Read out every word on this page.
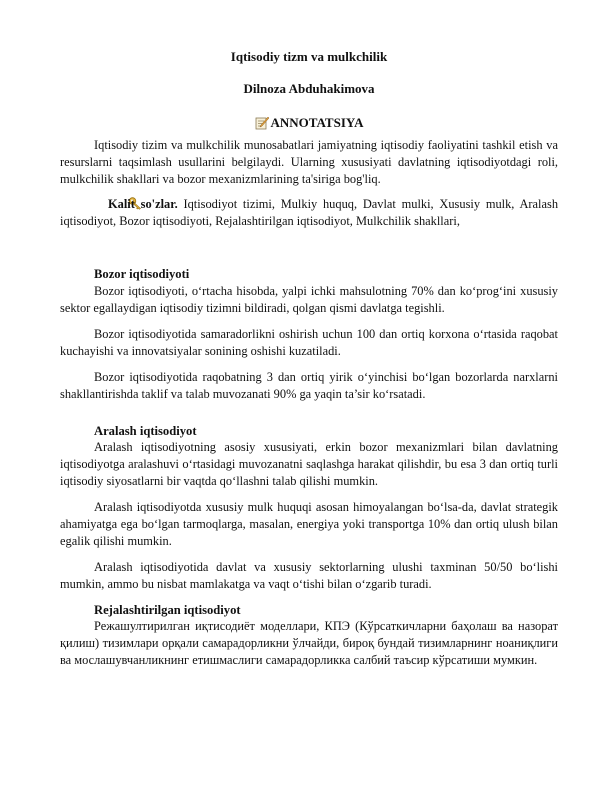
Iqtisodiy tizm va mulkchilik
Dilnoza Abduhakimova
ANNOTATSIYA

Iqtisodiy tizim va mulkchilik munosabatlari jamiyatning iqtisodiy faoliyatini tashkil etish va resurslarni taqsimlash usullarini belgilaydi. Ularning xususiyati davlatning iqtisodiyotdagi roli, mulkchilik shakllari va bozor mexanizmlarining ta'siriga bog'liq.

Kalit so'zlar. Iqtisodiyot tizimi, Mulkiy huquq, Davlat mulki, Xususiy mulk, Aralash iqtisodiyot, Bozor iqtisodiyoti, Rejalashtirilgan iqtisodiyot, Mulkchilik shakllari,

Bozor iqtisodiyoti

Bozor iqtisodiyoti, o‘rtacha hisobda, yalpi ichki mahsulotning 70% dan ko‘prog‘ini xususiy sektor egallaydigan iqtisodiy tizimni bildiradi, qolgan qismi davlatga tegishli.

Bozor iqtisodiyotida samaradorlikni oshirish uchun 100 dan ortiq korxona o‘rtasida raqobat kuchayishi va innovatsiyalar sonining oshishi kuzatiladi.

Bozor iqtisodiyotida raqobatning 3 dan ortiq yirik o‘yinchisi bo‘lgan bozorlarda narxlarni shakllantirishda taklif va talab muvozanati 90% ga yaqin ta’sir ko‘rsatadi.

Aralash iqtisodiyot

Aralash iqtisodiyotning asosiy xususiyati, erkin bozor mexanizmlari bilan davlatning iqtisodiyotga aralashuvi o‘rtasidagi muvozanatni saqlashga harakat qilishdir, bu esa 3 dan ortiq turli iqtisodiy siyosatlarni bir vaqtda qo‘llashni talab qilishi mumkin.

Aralash iqtisodiyotda xususiy mulk huquqi asosan himoyalangan bo‘lsa-da, davlat strategik ahamiyatga ega bo‘lgan tarmoqlarga, masalan, energiya yoki transportga 10% dan ortiq ulush bilan egalik qilishi mumkin.

Aralash iqtisodiyotida davlat va xususiy sektorlarning ulushi taxminan 50/50 bo‘lishi mumkin, ammo bu nisbat mamlakatga va vaqt o‘tishi bilan o‘zgarib turadi.

Rejalashtirilgan iqtisodiyot

Режашултирилган иқтисодиёт моделлари, КПЭ (Кўрсаткичларни баҳолаш ва назорат қилиш) тизимлари орқали самарадорликни ўлчайди, бироқ бундай тизимларнинг ноаниқлиги ва мослашувчанликнинг етишмаслиги самарадорликка салбий таъсир кўрсатиши мумкин.
